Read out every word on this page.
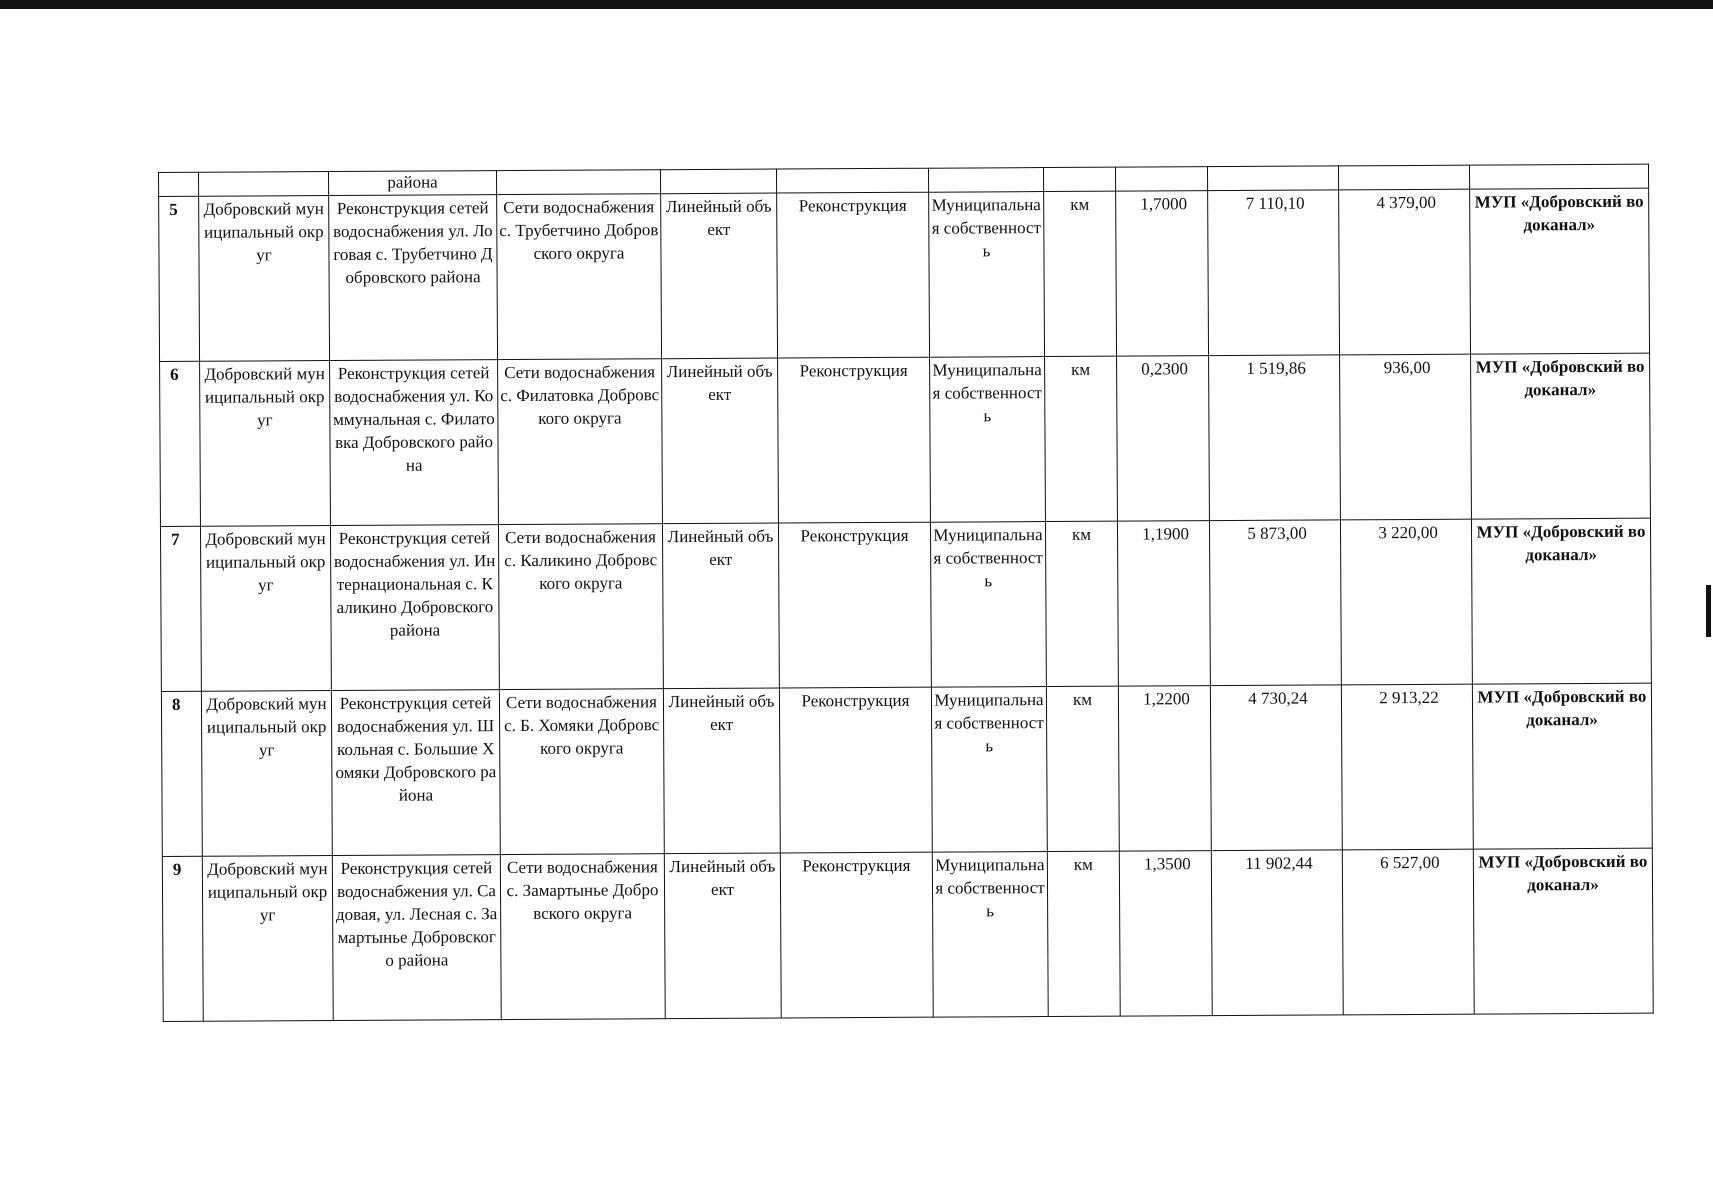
		района									
5	Добровский муниципальный округ	Реконструкция сетей водоснабжения ул. Логовая с. Трубетчино Добровского района	Сети водоснабжения с. Трубетчино Добровского округа	Линейный объект	Реконструкция	Муниципальная собственность	км	1,7000	7 110,10	4 379,00	МУП «Добровский водоканал»
6	Добровский муниципальный округ	Реконструкция сетей водоснабжения ул. Коммунальная с. Филатовка Добровского района	Сети водоснабжения с. Филатовка Добровского округа	Линейный объект	Реконструкция	Муниципальная собственность	км	0,2300	1 519,86	936,00	МУП «Добровский водоканал»
7	Добровский муниципальный округ	Реконструкция сетей водоснабжения ул. Интернациональная с. Каликино Добровского района	Сети водоснабжения с. Каликино Добровского округа	Линейный объект	Реконструкция	Муниципальная собственность	км	1,1900	5 873,00	3 220,00	МУП «Добровский водоканал»
8	Добровский муниципальный округ	Реконструкция сетей водоснабжения ул. Школьная с. Большие Хомяки Добровского района	Сети водоснабжения с. Б. Хомяки Добровского округа	Линейный объект	Реконструкция	Муниципальная собственность	км	1,2200	4 730,24	2 913,22	МУП «Добровский водоканал»
9	Добровский муниципальный округ	Реконструкция сетей водоснабжения ул. Садовая, ул. Лесная с. Замартынье Добровского района	Сети водоснабжения с. Замартынье Добровского округа	Линейный объект	Реконструкция	Муниципальная собственность	км	1,3500	11 902,44	6 527,00	МУП «Добровский водоканал»
